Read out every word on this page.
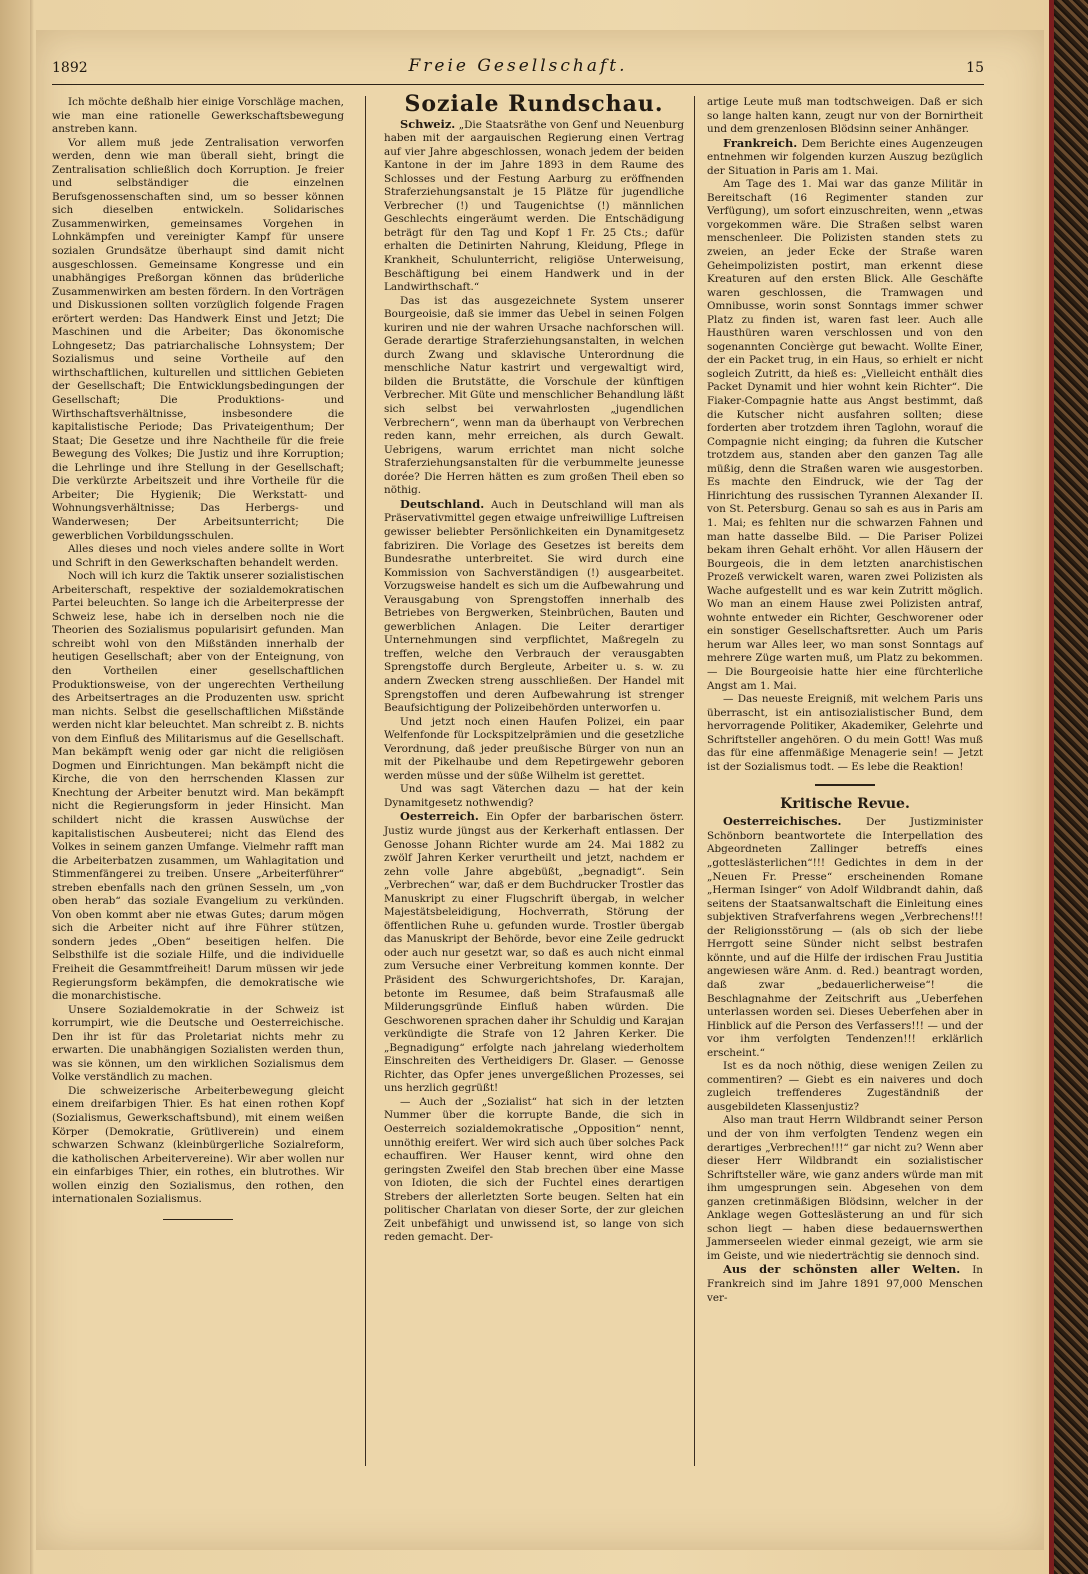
1892	Freie Gesellschaft.	15

Ich möchte deßhalb hier einige Vorschläge machen, wie man eine rationelle Gewerkschaftsbewegung anstreben kann.

Vor allem muß jede Zentralisation verworfen werden, denn wie man überall sieht, bringt die Zentralisation schließlich doch Korruption. Je freier und selbständiger die einzelnen Berufsgenossenschaften sind, um so besser können sich dieselben entwickeln. Solidarisches Zusammenwirken, gemeinsames Vorgehen in Lohnkämpfen und vereinigter Kampf für unsere sozialen Grundsätze überhaupt sind damit nicht ausgeschlossen. Gemeinsame Kongresse und ein unabhängiges Preßorgan können das brüderliche Zusammenwirken am besten fördern. In den Vorträgen und Diskussionen sollten vorzüglich folgende Fragen erörtert werden: Das Handwerk Einst und Jetzt; Die Maschinen und die Arbeiter; Das ökonomische Lohngesetz; Das patriarchalische Lohnsystem; Der Sozialismus und seine Vortheile auf den wirthschaftlichen, kulturellen und sittlichen Gebieten der Gesellschaft; Die Entwicklungsbedingungen der Gesellschaft; Die Produktions- und Wirthschaftsverhältnisse, insbesondere die kapitalistische Periode; Das Privateigenthum; Der Staat; Die Gesetze und ihre Nachtheile für die freie Bewegung des Volkes; Die Justiz und ihre Korruption; die Lehrlinge und ihre Stellung in der Gesellschaft; Die verkürzte Arbeitszeit und ihre Vortheile für die Arbeiter; Die Hygienik; Die Werkstatt- und Wohnungsverhältnisse; Das Herbergs- und Wanderwesen; Der Arbeitsunterricht; Die gewerblichen Vorbildungsschulen.

Alles dieses und noch vieles andere sollte in Wort und Schrift in den Gewerkschaften behandelt werden.

Noch will ich kurz die Taktik unserer sozialistischen Arbeiterschaft, respektive der sozialdemokratischen Partei beleuchten. So lange ich die Arbeiterpresse der Schweiz lese, habe ich in derselben noch nie die Theorien des Sozialismus popularisirt gefunden. Man schreibt wohl von den Mißständen innerhalb der heutigen Gesellschaft; aber von der Enteignung, von den Vortheilen einer gesellschaftlichen Produktionsweise, von der ungerechten Vertheilung des Arbeitsertrages an die Produzenten usw. spricht man nichts. Selbst die gesellschaftlichen Mißstände werden nicht klar beleuchtet. Man schreibt z. B. nichts von dem Einfluß des Militarismus auf die Gesellschaft. Man bekämpft wenig oder gar nicht die religiösen Dogmen und Einrichtungen. Man bekämpft nicht die Kirche, die von den herrschenden Klassen zur Knechtung der Arbeiter benutzt wird. Man bekämpft nicht die Regierungsform in jeder Hinsicht. Man schildert nicht die krassen Auswüchse der kapitalistischen Ausbeuterei; nicht das Elend des Volkes in seinem ganzen Umfange. Vielmehr rafft man die Arbeiterbatzen zusammen, um Wahlagitation und Stimmenfängerei zu treiben. Unsere „Arbeiterführer“ streben ebenfalls nach den grünen Sesseln, um „von oben herab“ das soziale Evangelium zu verkünden. Von oben kommt aber nie etwas Gutes; darum mögen sich die Arbeiter nicht auf ihre Führer stützen, sondern jedes „Oben“ beseitigen helfen. Die Selbsthilfe ist die soziale Hilfe, und die individuelle Freiheit die Gesammtfreiheit! Darum müssen wir jede Regierungsform bekämpfen, die demokratische wie die monarchistische.

Unsere Sozialdemokratie in der Schweiz ist korrumpirt, wie die Deutsche und Oesterreichische. Den ihr ist für das Proletariat nichts mehr zu erwarten. Die unabhängigen Sozialisten werden thun, was sie können, um den wirklichen Sozialismus dem Volke verständlich zu machen.

Die schweizerische Arbeiterbewegung gleicht einem dreifarbigen Thier. Es hat einen rothen Kopf (Sozialismus, Gewerkschaftsbund), mit einem weißen Körper (Demokratie, Grütliverein) und einem schwarzen Schwanz (kleinbürgerliche Sozialreform, die katholischen Arbeitervereine). Wir aber wollen nur ein einfarbiges Thier, ein rothes, ein blutrothes. Wir wollen einzig den Sozialismus, den rothen, den internationalen Sozialismus.

Soziale Rundschau.

Schweiz. „Die Staatsräthe von Genf und Neuenburg haben mit der aargauischen Regierung einen Vertrag auf vier Jahre abgeschlossen, wonach jedem der beiden Kantone in der im Jahre 1893 in dem Raume des Schlosses und der Festung Aarburg zu eröffnenden Straferziehungsanstalt je 15 Plätze für jugendliche Verbrecher (!) und Taugenichtse (!) männlichen Geschlechts eingeräumt werden. Die Entschädigung beträgt für den Tag und Kopf 1 Fr. 25 Cts.; dafür erhalten die Detinirten Nahrung, Kleidung, Pflege in Krankheit, Schulunterricht, religiöse Unterweisung, Beschäftigung bei einem Handwerk und in der Landwirthschaft.“

Das ist das ausgezeichnete System unserer Bourgeoisie, daß sie immer das Uebel in seinen Folgen kuriren und nie der wahren Ursache nachforschen will. Gerade derartige Straferziehungsanstalten, in welchen durch Zwang und sklavische Unterordnung die menschliche Natur kastrirt und vergewaltigt wird, bilden die Brutstätte, die Vorschule der künftigen Verbrecher. Mit Güte und menschlicher Behandlung läßt sich selbst bei verwahrlosten „jugendlichen Verbrechern“, wenn man da überhaupt von Verbrechen reden kann, mehr erreichen, als durch Gewalt. Uebrigens, warum errichtet man nicht solche Straferziehungsanstalten für die verbummelte jeunesse dorée? Die Herren hätten es zum großen Theil eben so nöthig.

Deutschland. Auch in Deutschland will man als Präservativmittel gegen etwaige unfreiwillige Luftreisen gewisser beliebter Persönlichkeiten ein Dynamitgesetz fabriziren. Die Vorlage des Gesetzes ist bereits dem Bundesrathe unterbreitet. Sie wird durch eine Kommission von Sachverständigen (!) ausgearbeitet. Vorzugsweise handelt es sich um die Aufbewahrung und Verausgabung von Sprengstoffen innerhalb des Betriebes von Bergwerken, Steinbrüchen, Bauten und gewerblichen Anlagen. Die Leiter derartiger Unternehmungen sind verpflichtet, Maßregeln zu treffen, welche den Verbrauch der verausgabten Sprengstoffe durch Bergleute, Arbeiter u. s. w. zu andern Zwecken streng ausschließen. Der Handel mit Sprengstoffen und deren Aufbewahrung ist strenger Beaufsichtigung der Polizeibehörden unterworfen u.

Und jetzt noch einen Haufen Polizei, ein paar Welfenfonde für Lockspitzelprämien und die gesetzliche Verordnung, daß jeder preußische Bürger von nun an mit der Pikelhaube und dem Repetirgewehr geboren werden müsse und der süße Wilhelm ist gerettet.

Und was sagt Väterchen dazu — hat der kein Dynamitgesetz nothwendig?

Oesterreich. Ein Opfer der barbarischen österr. Justiz wurde jüngst aus der Kerkerhaft entlassen. Der Genosse Johann Richter wurde am 24. Mai 1882 zu zwölf Jahren Kerker verurtheilt und jetzt, nachdem er zehn volle Jahre abgebüßt, „begnadigt“. Sein „Verbrechen“ war, daß er dem Buchdrucker Trostler das Manuskript zu einer Flugschrift übergab, in welcher Majestätsbeleidigung, Hochverrath, Störung der öffentlichen Ruhe u. gefunden wurde. Trostler übergab das Manuskript der Behörde, bevor eine Zeile gedruckt oder auch nur gesetzt war, so daß es auch nicht einmal zum Versuche einer Verbreitung kommen konnte. Der Präsident des Schwurgerichtshofes, Dr. Karajan, betonte im Resumee, daß beim Strafausmaß alle Milderungsgründe Einfluß haben würden. Die Geschworenen sprachen daher ihr Schuldig und Karajan verkündigte die Strafe von 12 Jahren Kerker. Die „Begnadigung“ erfolgte nach jahrelang wiederholtem Einschreiten des Vertheidigers Dr. Glaser. — Genosse Richter, das Opfer jenes unvergeßlichen Prozesses, sei uns herzlich gegrüßt!

— Auch der „Sozialist“ hat sich in der letzten Nummer über die korrupte Bande, die sich in Oesterreich sozialdemokratische „Opposition“ nennt, unnöthig ereifert. Wer wird sich auch über solches Pack echauffiren. Wer Hauser kennt, wird ohne den geringsten Zweifel den Stab brechen über eine Masse von Idioten, die sich der Fuchtel eines derartigen Strebers der allerletzten Sorte beugen. Selten hat ein politischer Charlatan von dieser Sorte, der zur gleichen Zeit unbefähigt und unwissend ist, so lange von sich reden gemacht. Der-

artige Leute muß man todtschweigen. Daß er sich so lange halten kann, zeugt nur von der Bornirtheit und dem grenzenlosen Blödsinn seiner Anhänger.

Frankreich. Dem Berichte eines Augenzeugen entnehmen wir folgenden kurzen Auszug bezüglich der Situation in Paris am 1. Mai.

Am Tage des 1. Mai war das ganze Militär in Bereitschaft (16 Regimenter standen zur Verfügung), um sofort einzuschreiten, wenn „etwas vorgekommen wäre. Die Straßen selbst waren menschenleer. Die Polizisten standen stets zu zweien, an jeder Ecke der Straße waren Geheimpolizisten postirt, man erkennt diese Kreaturen auf den ersten Blick. Alle Geschäfte waren geschlossen, die Tramwagen und Omnibusse, worin sonst Sonntags immer schwer Platz zu finden ist, waren fast leer. Auch alle Hausthüren waren verschlossen und von den sogenannten Concièrge gut bewacht. Wollte Einer, der ein Packet trug, in ein Haus, so erhielt er nicht sogleich Zutritt, da hieß es: „Vielleicht enthält dies Packet Dynamit und hier wohnt kein Richter“. Die Fiaker-Compagnie hatte aus Angst bestimmt, daß die Kutscher nicht ausfahren sollten; diese forderten aber trotzdem ihren Taglohn, worauf die Compagnie nicht einging; da fuhren die Kutscher trotzdem aus, standen aber den ganzen Tag alle müßig, denn die Straßen waren wie ausgestorben. Es machte den Eindruck, wie der Tag der Hinrichtung des russischen Tyrannen Alexander II. von St. Petersburg. Genau so sah es aus in Paris am 1. Mai; es fehlten nur die schwarzen Fahnen und man hatte dasselbe Bild. — Die Pariser Polizei bekam ihren Gehalt erhöht. Vor allen Häusern der Bourgeois, die in dem letzten anarchistischen Prozeß verwickelt waren, waren zwei Polizisten als Wache aufgestellt und es war kein Zutritt möglich. Wo man an einem Hause zwei Polizisten antraf, wohnte entweder ein Richter, Geschworener oder ein sonstiger Gesellschaftsretter. Auch um Paris herum war Alles leer, wo man sonst Sonntags auf mehrere Züge warten muß, um Platz zu bekommen. — Die Bourgeoisie hatte hier eine fürchterliche Angst am 1. Mai.

— Das neueste Ereigniß, mit welchem Paris uns überrascht, ist ein antisozialistischer Bund, dem hervorragende Politiker, Akademiker, Gelehrte und Schriftsteller angehören. O du mein Gott! Was muß das für eine affenmäßige Menagerie sein! — Jetzt ist der Sozialismus todt. — Es lebe die Reaktion!

Kritische Revue.

Oesterreichisches. Der Justizminister Schönborn beantwortete die Interpellation des Abgeordneten Zallinger betreffs eines „gotteslästerlichen“!!! Gedichtes in dem in der „Neuen Fr. Presse“ erscheinenden Romane „Herman Isinger“ von Adolf Wildbrandt dahin, daß seitens der Staatsanwaltschaft die Einleitung eines subjektiven Strafverfahrens wegen „Verbrechens!!! der Religionsstörung — (als ob sich der liebe Herrgott seine Sünder nicht selbst bestrafen könnte, und auf die Hilfe der irdischen Frau Justitia angewiesen wäre Anm. d. Red.) beantragt worden, daß zwar „bedauerlicherweise“! die Beschlagnahme der Zeitschrift aus „Ueberfehen unterlassen worden sei. Dieses Ueberfehen aber in Hinblick auf die Person des Verfassers!!! — und der vor ihm verfolgten Tendenzen!!! erklärlich erscheint.“

Ist es da noch nöthig, diese wenigen Zeilen zu commentiren? — Giebt es ein naiveres und doch zugleich treffenderes Zugeständniß der ausgebildeten Klassenjustiz?

Also man traut Herrn Wildbrandt seiner Person und der von ihm verfolgten Tendenz wegen ein derartiges „Verbrechen!!!“ gar nicht zu? Wenn aber dieser Herr Wildbrandt ein sozialistischer Schriftsteller wäre, wie ganz anders würde man mit ihm umgesprungen sein. Abgesehen von dem ganzen cretinmäßigen Blödsinn, welcher in der Anklage wegen Gotteslästerung an und für sich schon liegt — haben diese bedauernswerthen Jammerseelen wieder einmal gezeigt, wie arm sie im Geiste, und wie niederträchtig sie dennoch sind.

Aus der schönsten aller Welten. In Frankreich sind im Jahre 1891 97,000 Menschen ver-
